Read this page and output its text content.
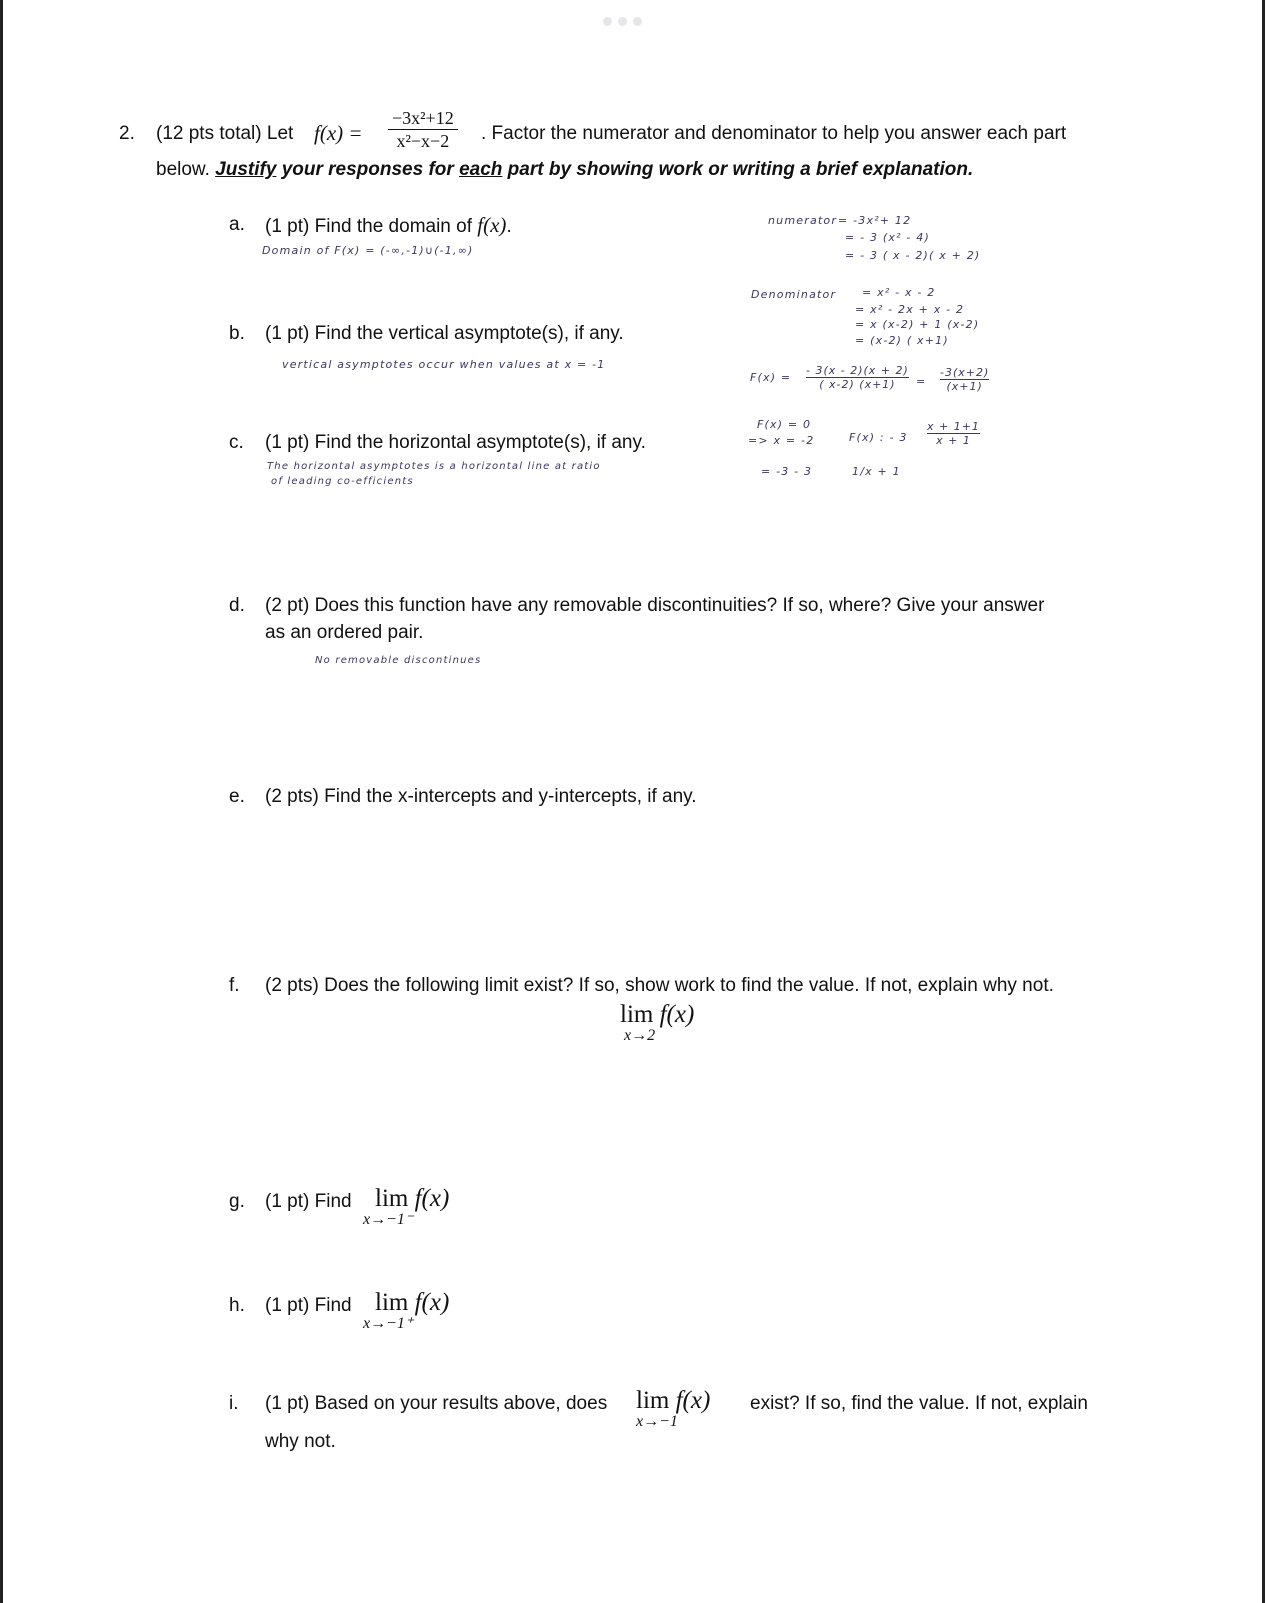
2. (12 pts total) Let $f(x) = \frac{\text{−3x²+12}}{\text{x²−x−2}}$ . Factor the numerator and denominator to help you answer each part
below. Justify your responses for each part by showing work or writing a brief explanation.
a. (1 pt) Find the domain of f(x).
Domain of F(x) = (-∞,-1)∪(-1,∞)
numerator = -3x²+ 12
= - 3 (x² - 4)
= - 3 ( x - 2)( x + 2)
Denominator = x² - x - 2
= x² - 2x + x - 2
= x (x-2) + 1 (x-2)
= (x-2) ( x+1)
$F(x) = \frac{- 3(x - 2)(x + 2)}{( x-2) (x+1)} = \frac{-3(x+2)}{(x+1)}$
F(x) = 0
=> x = -2
= -3 - 3
F(x) : - $3 \frac{x + 1+1}{x + 1}$
1/x + 1
b. (1 pt) Find the vertical asymptote(s), if any.
vertical asymptotes occur when values at x = -1
c. (1 pt) Find the horizontal asymptote(s), if any.
The horizontal asymptotes is a horizontal line at ratio
of leading co-efficients
d. (2 pt) Does this function have any removable discontinuities? If so, where? Give your answer
as an ordered pair.
No removable discontinues
e. (2 pts) Find the x-intercepts and y-intercepts, if any.
f. (2 pts) Does the following limit exist? If so, show work to find the value. If not, explain why not.
lim f(x)
x→2
g. (1 pt) Find lim f(x)
x→−1⁻
h. (1 pt) Find lim f(x)
x→−1⁺
i. (1 pt) Based on your results above, does lim f(x)
x→−1
exist? If so, find the value. If not, explain
why not.
